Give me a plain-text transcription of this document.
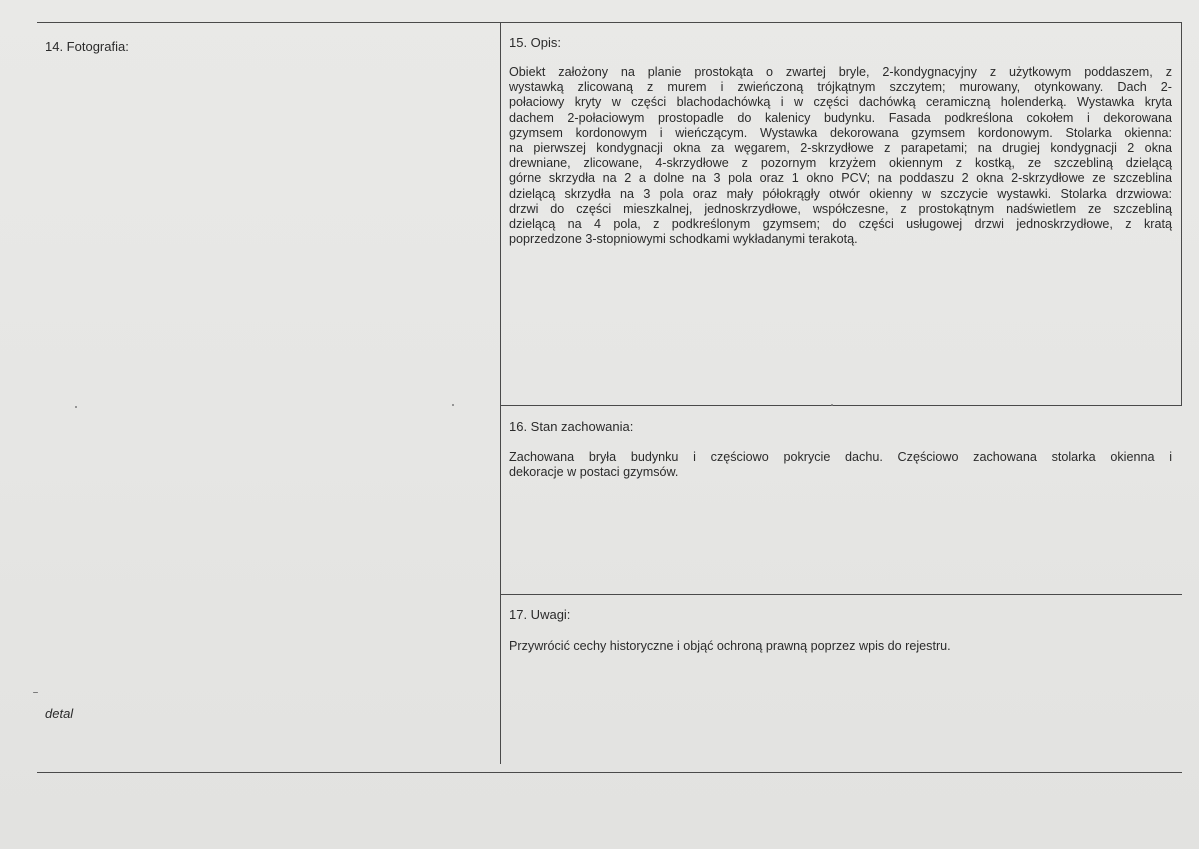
14. Fotografia:
detal
15. Opis:
Obiekt założony na planie prostokąta o zwartej bryle, 2-kondygnacyjny z użytkowym poddaszem, z
wystawką zlicowaną z murem i zwieńczoną trójkątnym szczytem; murowany, otynkowany. Dach 2-
połaciowy kryty w części blachodachówką i w części dachówką ceramiczną holenderką. Wystawka kryta
dachem 2-połaciowym prostopadle do kalenicy budynku. Fasada podkreślona cokołem i dekorowana
gzymsem kordonowym i wieńczącym. Wystawka dekorowana gzymsem kordonowym. Stolarka okienna:
na pierwszej kondygnacji okna za węgarem, 2-skrzydłowe z parapetami; na drugiej kondygnacji 2 okna
drewniane, zlicowane, 4-skrzydłowe z pozornym krzyżem okiennym z kostką, ze szczebliną dzielącą
górne skrzydła na 2 a dolne na 3 pola oraz 1 okno PCV; na poddaszu 2 okna 2-skrzydłowe ze szczeblina
dzielącą skrzydła na 3 pola oraz mały półokrągły otwór okienny w szczycie wystawki. Stolarka drzwiowa:
drzwi do części mieszkalnej, jednoskrzydłowe, współczesne, z prostokątnym nadświetlem ze szczebliną
dzielącą na 4 pola, z podkreślonym gzymsem; do części usługowej drzwi jednoskrzydłowe, z kratą
poprzedzone 3-stopniowymi schodkami wykładanymi terakotą.
16. Stan zachowania:
Zachowana bryła budynku i częściowo pokrycie dachu. Częściowo zachowana stolarka okienna i
dekoracje w postaci gzymsów.
17. Uwagi:
Przywrócić cechy historyczne i objąć ochroną prawną poprzez wpis do rejestru.
